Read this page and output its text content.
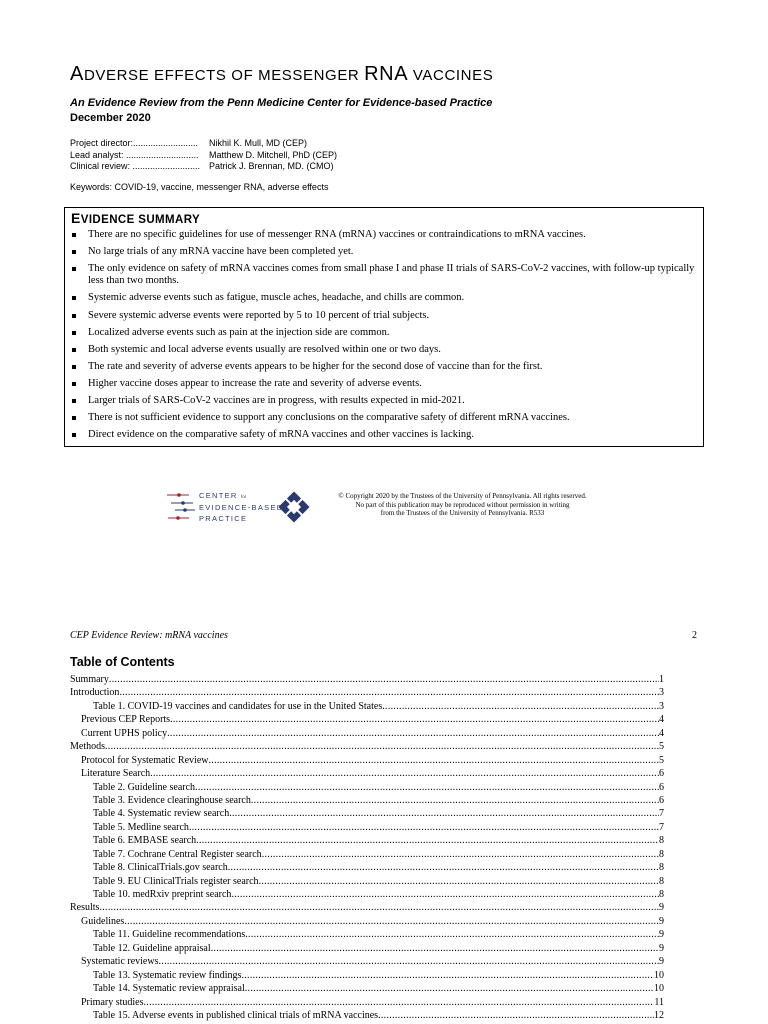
ADVERSE EFFECTS OF MESSENGER RNA VACCINES
An Evidence Review from the Penn Medicine Center for Evidence-based Practice
December 2020
Project director:..........................	Nikhil K. Mull, MD (CEP)
Lead analyst: .............................	Matthew D. Mitchell, PhD (CEP)
Clinical review: ........................... Patrick J. Brennan, MD. (CMO)
Keywords: COVID-19, vaccine, messenger RNA, adverse effects
EVIDENCE SUMMARY
There are no specific guidelines for use of messenger RNA (mRNA) vaccines or contraindications to mRNA vaccines.
No large trials of any mRNA vaccine have been completed yet.
The only evidence on safety of mRNA vaccines comes from small phase I and phase II trials of SARS-CoV-2 vaccines, with follow-up typically less than two months.
Systemic adverse events such as fatigue, muscle aches, headache, and chills are common.
Severe systemic adverse events were reported by 5 to 10 percent of trial subjects.
Localized adverse events such as pain at the injection side are common.
Both systemic and local adverse events usually are resolved within one or two days.
The rate and severity of adverse events appears to be higher for the second dose of vaccine than for the first.
Higher vaccine doses appear to increase the rate and severity of adverse events.
Larger trials of SARS-CoV-2 vaccines are in progress, with results expected in mid-2021.
There is not sufficient evidence to support any conclusions on the comparative safety of different mRNA vaccines.
Direct evidence on the comparative safety of mRNA vaccines and other vaccines is lacking.
CENTER for
EVIDENCE-BASED
PRACTICE
© Copyright 2020 by the Trustees of the University of Pennsylvania. All rights reserved.
No part of this publication may be reproduced without permission in writing
from the Trustees of the University of Pennsylvania. R533
CEP Evidence Review: mRNA vaccines	2
Table of Contents
Summary .....	1
Introduction .....	3
Table 1. COVID-19 vaccines and candidates for use in the United States .....	3
Previous CEP Reports .....	4
Current UPHS policy .....	4
Methods .....	5
Protocol for Systematic Review .....	5
Literature Search .....	6
Table 2. Guideline search .....	6
Table 3. Evidence clearinghouse search .....	6
Table 4. Systematic review search .....	7
Table 5. Medline search .....	7
Table 6. EMBASE search .....	8
Table 7. Cochrane Central Register search .....	8
Table 8. ClinicalTrials.gov search .....	8
Table 9. EU ClinicalTrials register search .....	8
Table 10. medRxiv preprint search .....	8
Results .....	9
Guidelines .....	9
Table 11. Guideline recommendations .....	9
Table 12. Guideline appraisal .....	9
Systematic reviews .....	9
Table 13. Systematic review findings .....	10
Table 14. Systematic review appraisal .....	10
Primary studies .....	11
Table 15. Adverse events in published clinical trials of mRNA vaccines .....	12
